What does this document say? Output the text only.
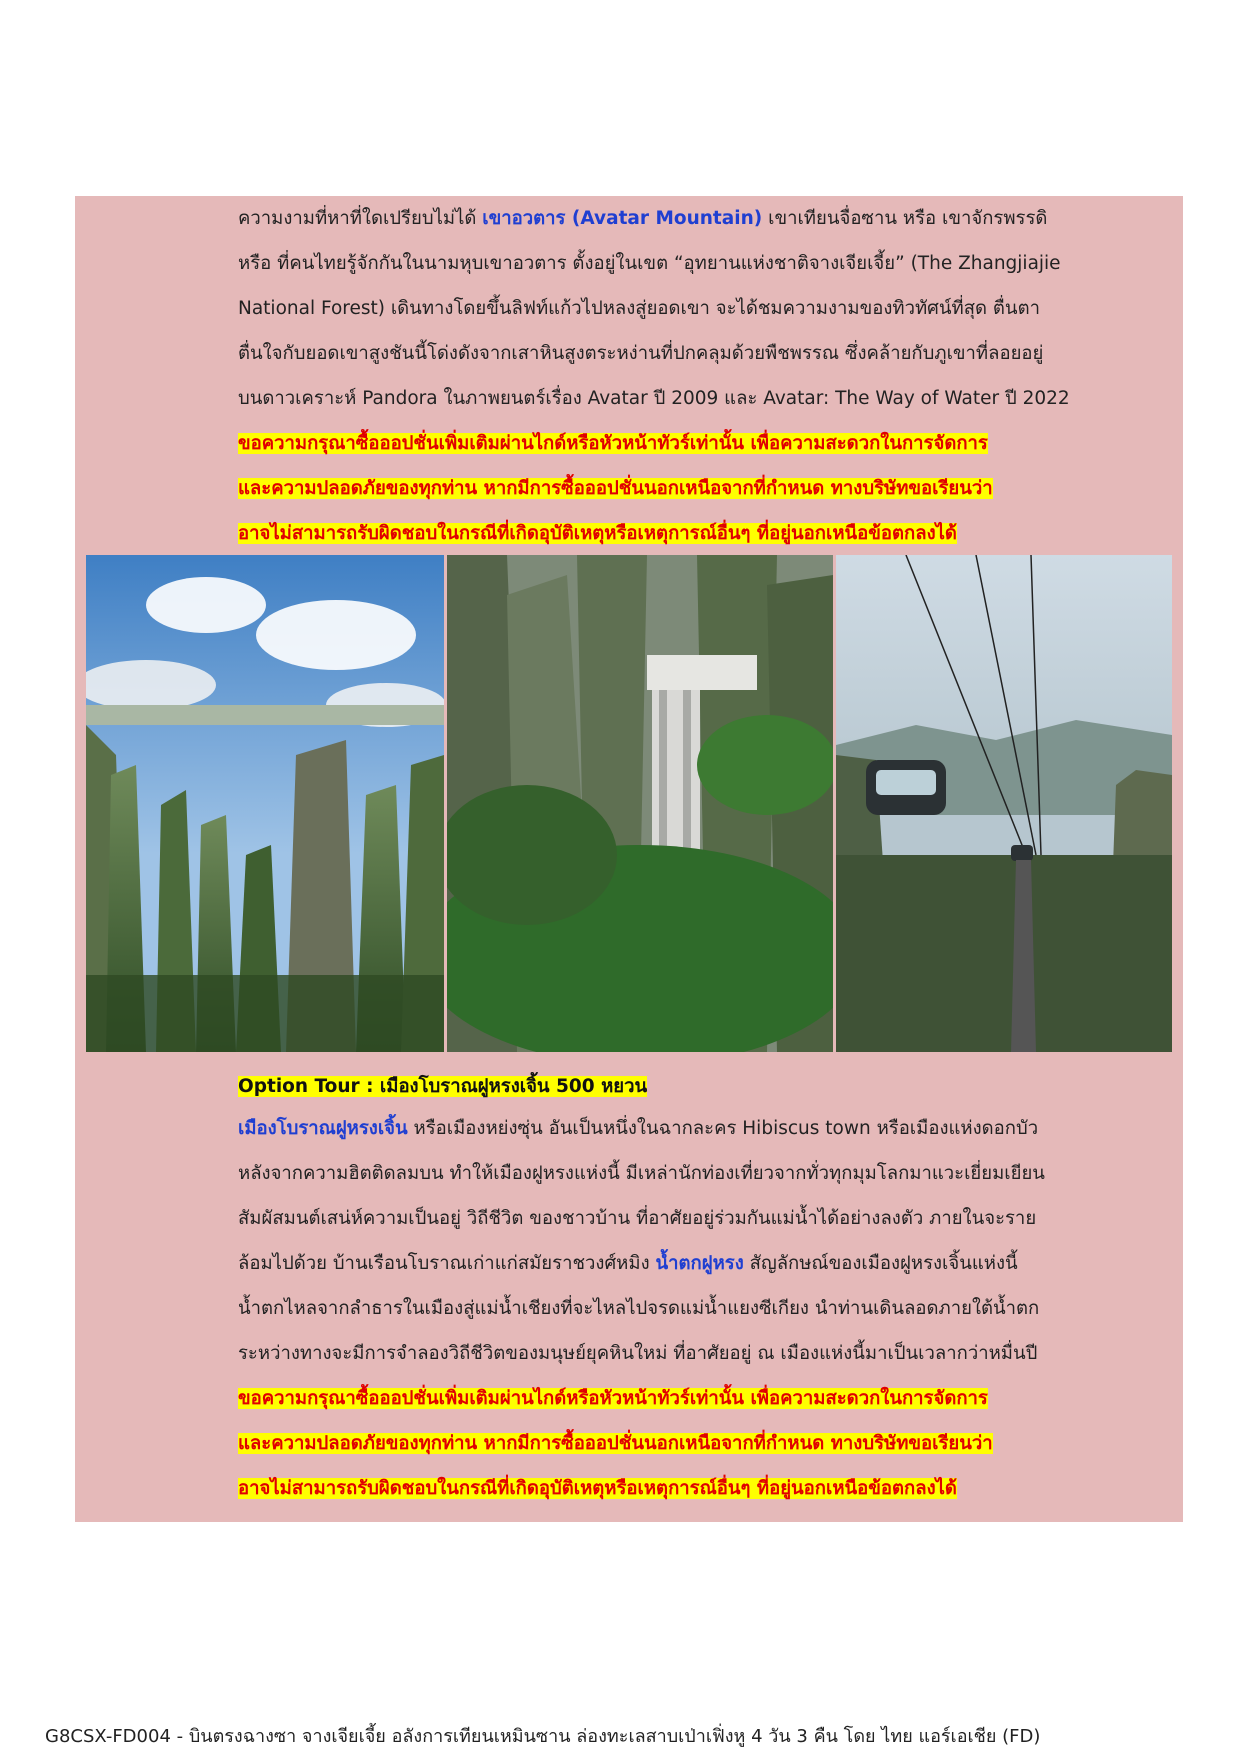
ความงามที่หาที่ใดเปรียบไม่ได้ เขาอวตาร (Avatar Mountain) เขาเทียนจื่อซาน หรือ เขาจักรพรรดิ
หรือ ที่คนไทยรู้จักกันในนามหุบเขาอวตาร ตั้งอยู่ในเขต “อุทยานแห่งชาติจางเจียเจี้ย” (The Zhangjiajie
National Forest) เดินทางโดยขึ้นลิฟท์แก้วไปหลงสู่ยอดเขา จะได้ชมความงามของทิวทัศน์ที่สุด ตื่นตา
ตื่นใจกับยอดเขาสูงชันนี้โด่งดังจากเสาหินสูงตระหง่านที่ปกคลุมด้วยพืชพรรณ ซึ่งคล้ายกับภูเขาที่ลอยอยู่
บนดาวเคราะห์ Pandora ในภาพยนตร์เรื่อง Avatar ปี 2009 และ Avatar: The Way of Water ปี 2022
ขอความกรุณาซื้อออปชั่นเพิ่มเติมผ่านไกด์หรือหัวหน้าทัวร์เท่านั้น เพื่อความสะดวกในการจัดการ
และความปลอดภัยของทุกท่าน หากมีการซื้อออปชั่นนอกเหนือจากที่กำหนด ทางบริษัทขอเรียนว่า
อาจไม่สามารถรับผิดชอบในกรณีที่เกิดอุบัติเหตุหรือเหตุการณ์อื่นๆ ที่อยู่นอกเหนือข้อตกลงได้
Option Tour : เมืองโบราณฝูหรงเจิ้น 500 หยวน
เมืองโบราณฝูหรงเจิ้น หรือเมืองหย่งซุ่น อันเป็นหนึ่งในฉากละคร Hibiscus town หรือเมืองแห่งดอกบัว
หลังจากความฮิตติดลมบน ทำให้เมืองฝูหรงแห่งนี้ มีเหล่านักท่องเที่ยวจากทั่วทุกมุมโลกมาแวะเยี่ยมเยียน
สัมผัสมนต์เสน่ห์ความเป็นอยู่ วิถีชีวิต ของชาวบ้าน ที่อาศัยอยู่ร่วมกันแม่น้ำได้อย่างลงตัว ภายในจะราย
ล้อมไปด้วย บ้านเรือนโบราณเก่าแก่สมัยราชวงศ์หมิง น้ำตกฝูหรง สัญลักษณ์ของเมืองฝูหรงเจิ้นแห่งนี้
น้ำตกไหลจากลำธารในเมืองสู่แม่น้ำเชียงที่จะไหลไปจรดแม่น้ำแยงซีเกียง นำท่านเดินลอดภายใต้น้ำตก
ระหว่างทางจะมีการจำลองวิถีชีวิตของมนุษย์ยุคหินใหม่ ที่อาศัยอยู่ ณ เมืองแห่งนี้มาเป็นเวลากว่าหมื่นปี
ขอความกรุณาซื้อออปชั่นเพิ่มเติมผ่านไกด์หรือหัวหน้าทัวร์เท่านั้น เพื่อความสะดวกในการจัดการ
และความปลอดภัยของทุกท่าน หากมีการซื้อออปชั่นนอกเหนือจากที่กำหนด ทางบริษัทขอเรียนว่า
อาจไม่สามารถรับผิดชอบในกรณีที่เกิดอุบัติเหตุหรือเหตุการณ์อื่นๆ ที่อยู่นอกเหนือข้อตกลงได้
G8CSX-FD004 - บินตรงฉางซา จางเจียเจี้ย อลังการเทียนเหมินซาน ล่องทะเลสาบเป่าเฟิ่งหู 4 วัน 3 คืน โดย ไทย แอร์เอเชีย (FD)
